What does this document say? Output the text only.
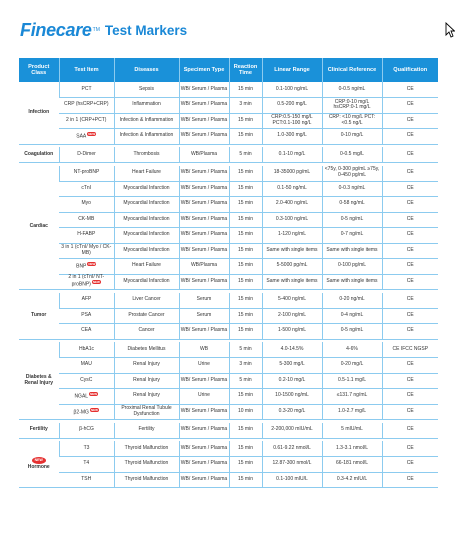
Finecare TM Test Markers
Product Class	Test Item	Diseases	Specimen Type	Reaction Time	Linear Range	Clinical Reference	Qualification
Infection	PCT	Sepsis	WB/ Serum / Plasma	15 min	0.1-100 ng/mL	0-0.5 ng/mL	CE
	CRP (hsCRP+CRP)	Inflammation	WB/ Serum / Plasma	3 min	0.5-200 mg/L	CRP:0-10 mg/L hsCRP:0-1 mg/L	CE
	2 in 1 (CRP+PCT)	Infection & Inflammation	WB/ Serum / Plasma	15 min	CRP:0.5-150 mg/L PCT:0.1-100 ng/L	CRP: <10 mg/L PCT: <0.5 ng/L	CE
	SAA NEW	Infection & Inflammation	WB/ Serum / Plasma	15 min	1.0-300 mg/L	0-10 mg/L	CE

Coagulation	D-Dimer	Thrombosis	WB/Plasma	5 min	0.1-10 mg/L	0-0.5 mg/L	CE

Cardiac	NT-proBNP	Heart Failure	WB/ Serum / Plasma	15 min	18-35000 pg/mL	<75y, 0-300 pg/mL ≥75y, 0-450 pg/mL	CE
	cTnI	Myocardial Infarction	WB/ Serum / Plasma	15 min	0.1-50 ng/mL	0-0.3 ng/mL	CE
	Myo	Myocardial Infarction	WB/ Serum / Plasma	15 min	2.0-400 ng/mL	0-58 ng/mL	CE
	CK-MB	Myocardial Infarction	WB/ Serum / Plasma	15 min	0.3-100 ng/mL	0-5 ng/mL	CE
	H-FABP	Myocardial Infarction	WB/ Serum / Plasma	15 min	1-120 ng/mL	0-7 ng/mL	CE
	3 in 1 (cTnI/ Myo / CK-MB)	Myocardial Infarction	WB/ Serum / Plasma	15 min	Same with single items	Same with single items	CE
	BNP NEW	Heart Failure	WB/Plasma	15 min	5-5000 pg/mL	0-100 pg/mL	CE
	2 in 1 (cTnI/ NT-proBNP) NEW	Myocardial Infarction	WB/ Serum / Plasma	15 min	Same with single items	Same with single items	CE

Tumor	AFP	Liver Cancer	Serum	15 min	5-400 ng/mL	0-20 ng/mL	CE
	PSA	Prostate Cancer	Serum	15 min	2-100 ng/mL	0-4 ng/mL	CE
	CEA	Cancer	WB/ Serum / Plasma	15 min	1-500 ng/mL	0-5 ng/mL	CE

Diabetes & Renal Injury	HbA1c	Diabetes Mellitus	WB	5 min	4.0-14.5%	4-6%	CE IFCC NGSP
	MAU	Renal Injury	Urine	3 min	5-300 mg/L	0-20 mg/L	CE
	CysC	Renal Injury	WB/ Serum / Plasma	5 min	0.2-10 mg/L	0.5-1.1 mg/L	CE
	NGAL NEW	Renal Injury	Urine	15 min	10-1500 ng/mL	≤131.7 ng/mL	CE
	β2-MG NEW	Proximal Renal Tubule Dysfunction	WB/ Serum / Plasma	10 min	0.3-20 mg/L	1.0-2.7 mg/L	CE

Fertility	β-hCG	Fertility	WB/ Serum / Plasma	15 min	2-200,000 mIU/mL	5 mIU/mL	CE

NEW
Hormone	T3	Thyroid Malfunction	WB/ Serum / Plasma	15 min	0.61-9.22 nmol/L	1.3-3.1 nmol/L	CE
	T4	Thyroid Malfunction	WB/ Serum / Plasma	15 min	12.87-300 nmol/L	66-181 nmol/L	CE
	TSH	Thyroid Malfunction	WB/ Serum / Plasma	15 min	0.1-100 mIU/L	0.3-4.2 mIU/L	CE
